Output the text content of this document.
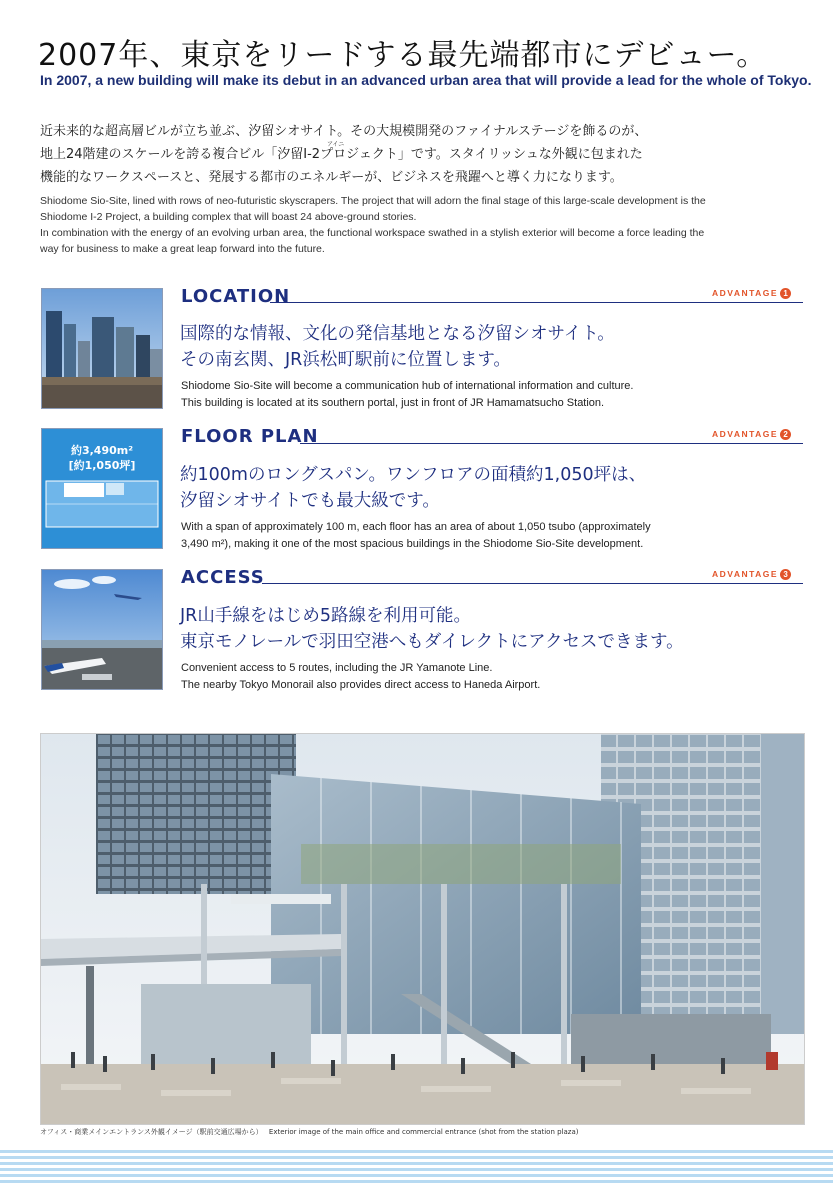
2007年、東京をリードする最先端都市にデビュー。
In 2007, a new building will make its debut in an advanced urban area that will provide a lead for the whole of Tokyo.
近未来的な超高層ビルが立ち並ぶ、汐留シオサイト。その大規模開発のファイナルステージを飾るのが、
地上24階建のスケールを誇る複合ビル「汐留I-2プロジェクト」です。スタイリッシュな外観に包まれた
機能的なワークスペースと、発展する都市のエネルギーが、ビジネスを飛躍へと導く力になります。
アイニ
Shiodome Sio-Site, lined with rows of neo-futuristic skyscrapers. The project that will adorn the final stage of this large-scale development is the
Shiodome I-2 Project, a building complex that will boast 24 above-ground stories.
In combination with the energy of an evolving urban area, the functional workspace swathed in a stylish exterior will become a force leading the
way for business to make a great leap forward into the future.
LOCATION	ADVANTAGE 1
国際的な情報、文化の発信基地となる汐留シオサイト。
その南玄関、JR浜松町駅前に位置します。
Shiodome Sio-Site will become a communication hub of international information and culture.
This building is located at its southern portal, just in front of JR Hamamatsucho Station.
約3,490m²
[約1,050坪]
FLOOR PLAN	ADVANTAGE 2
約100mのロングスパン。ワンフロアの面積約1,050坪は、
汐留シオサイトでも最大級です。
With a span of approximately 100 m, each floor has an area of about 1,050 tsubo (approximately
3,490 m²), making it one of the most spacious buildings in the Shiodome Sio-Site development.
ACCESS	ADVANTAGE 3
JR山手線をはじめ5路線を利用可能。
東京モノレールで羽田空港へもダイレクトにアクセスできます。
Convenient access to 5 routes, including the JR Yamanote Line.
The nearby Tokyo Monorail also provides direct access to Haneda Airport.
オフィス・商業メインエントランス外観イメージ（駅前交通広場から） Exterior image of the main office and commercial entrance (shot from the station plaza)
